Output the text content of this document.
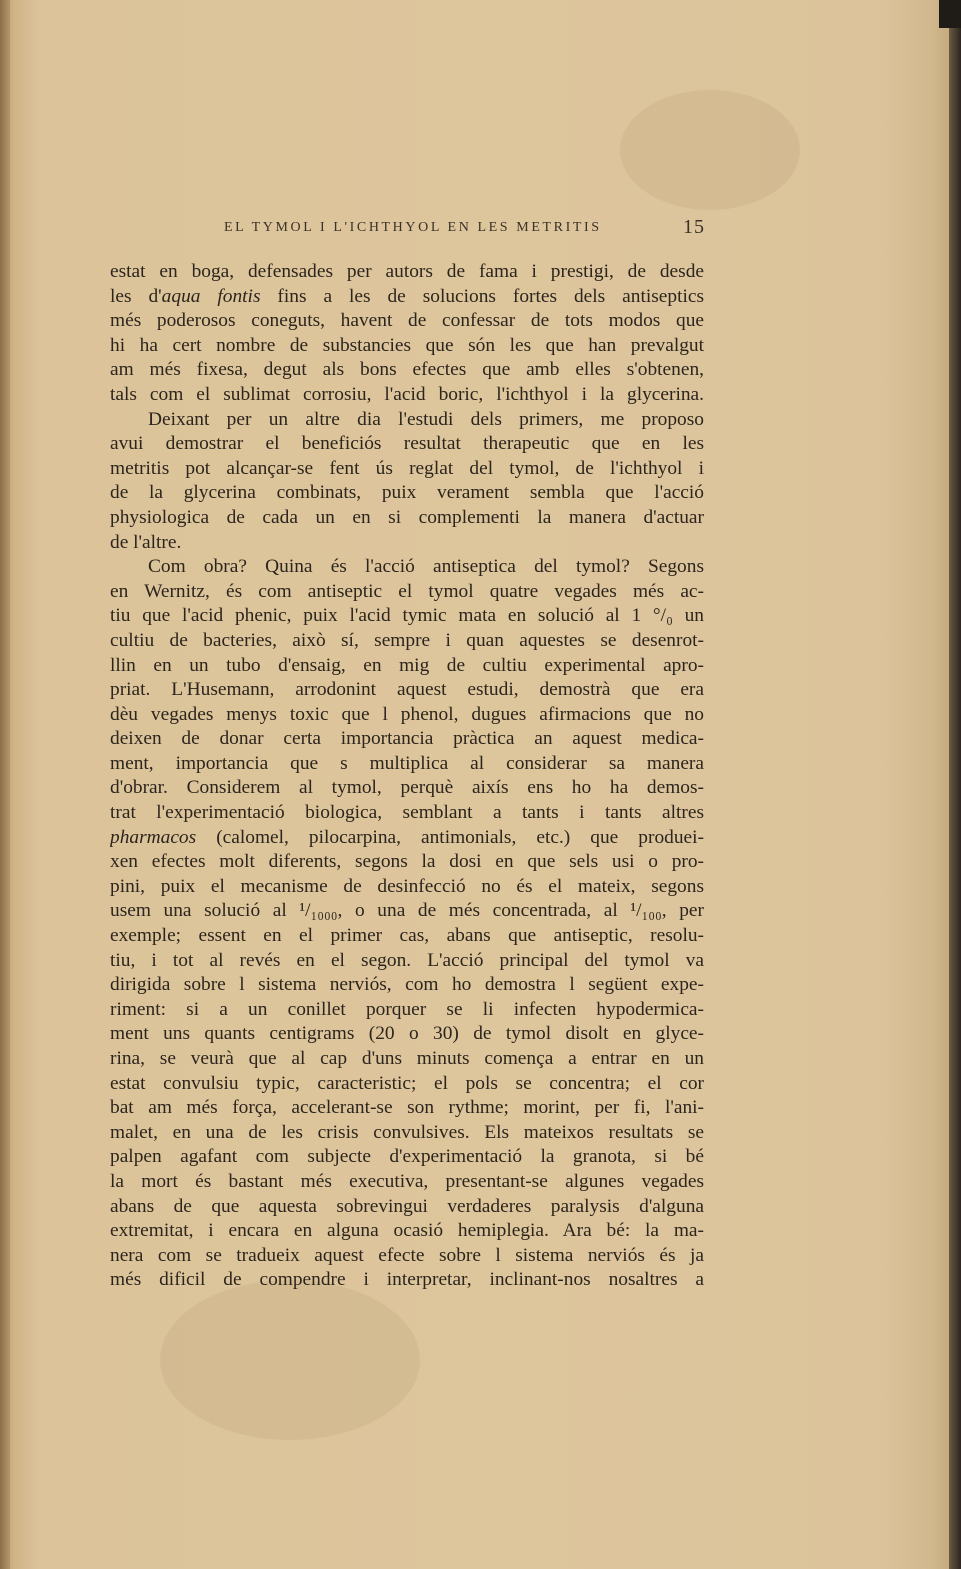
EL TYMOL I L'ICHTHYOL EN LES METRITIS	15
estat en boga, defensades per autors de fama i prestigi, de desde
les d'aqua fontis fins a les de solucions fortes dels antiseptics
més poderosos coneguts, havent de confessar de tots modos que
hi ha cert nombre de substancies que són les que han prevalgut
am més fixesa, degut als bons efectes que amb elles s'obtenen,
tals com el sublimat corrosiu, l'acid boric, l'ichthyol i la glycerina.
Deixant per un altre dia l'estudi dels primers, me proposo
avui demostrar el beneficiós resultat therapeutic que en les
metritis pot alcançar-se fent ús reglat del tymol, de l'ichthyol i
de la glycerina combinats, puix verament sembla que l'acció
physiologica de cada un en si complementi la manera d'actuar
de l'altre.
Com obra? Quina és l'acció antiseptica del tymol? Segons
en Wernitz, és com antiseptic el tymol quatre vegades més ac-
tiu que l'acid phenic, puix l'acid tymic mata en solució al 1 °/₀ un
cultiu de bacteries, això sí, sempre i quan aquestes se desenrot-
llin en un tubo d'ensaig, en mig de cultiu experimental apro-
priat. L'Husemann, arrodonint aquest estudi, demostrà que era
dèu vegades menys toxic que l phenol, dugues afirmacions que no
deixen de donar certa importancia pràctica an aquest medica-
ment, importancia que s multiplica al considerar sa manera
d'obrar. Considerem al tymol, perquè aixís ens ho ha demos-
trat l'experimentació biologica, semblant a tants i tants altres
pharmacos (calomel, pilocarpina, antimonials, etc.) que produei-
xen efectes molt diferents, segons la dosi en que sels usi o pro-
pini, puix el mecanisme de desinfecció no és el mateix, segons
usem una solució al ¹/₁₀₀₀, o una de més concentrada, al ¹/₁₀₀, per
exemple; essent en el primer cas, abans que antiseptic, resolu-
tiu, i tot al revés en el segon. L'acció principal del tymol va
dirigida sobre l sistema nerviós, com ho demostra l següent expe-
riment: si a un conillet porquer se li infecten hypodermica-
ment uns quants centigrams (20 o 30) de tymol disolt en glyce-
rina, se veurà que al cap d'uns minuts comença a entrar en un
estat convulsiu typic, caracteristic; el pols se concentra; el cor
bat am més força, accelerant-se son rythme; morint, per fi, l'ani-
malet, en una de les crisis convulsives. Els mateixos resultats se
palpen agafant com subjecte d'experimentació la granota, si bé
la mort és bastant més executiva, presentant-se algunes vegades
abans de que aquesta sobrevingui verdaderes paralysis d'alguna
extremitat, i encara en alguna ocasió hemiplegia. Ara bé: la ma-
nera com se tradueix aquest efecte sobre l sistema nerviós és ja
més dificil de compendre i interpretar, inclinant-nos nosaltres a
